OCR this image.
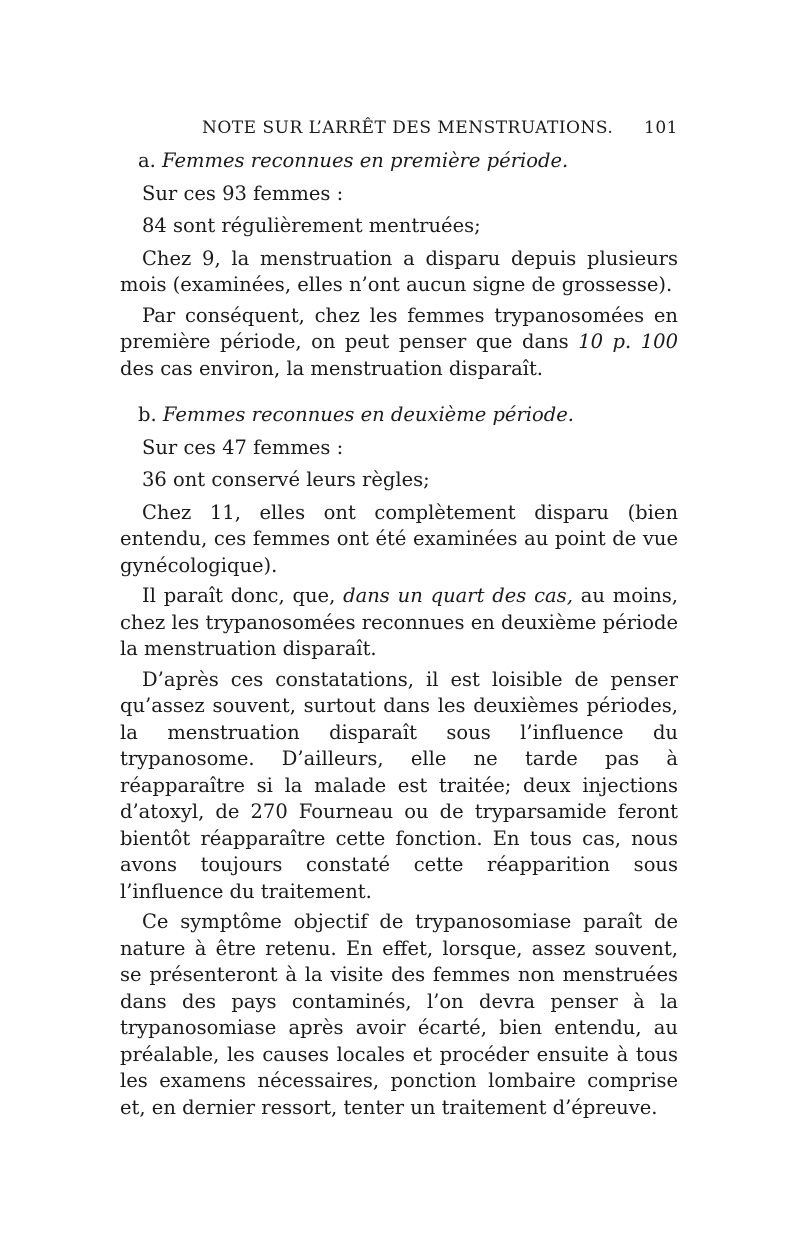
NOTE SUR L’ARRÊT DES MENSTRUATIONS. 101

a. Femmes reconnues en première période.

Sur ces 93 femmes :

84 sont régulièrement mentruées;

Chez 9, la menstruation a disparu depuis plusieurs mois (examinées, elles n’ont aucun signe de grossesse).

Par conséquent, chez les femmes trypanosomées en première période, on peut penser que dans 10 p. 100 des cas environ, la menstruation disparaît.

b. Femmes reconnues en deuxième période.

Sur ces 47 femmes :

36 ont conservé leurs règles;

Chez 11, elles ont complètement disparu (bien entendu, ces femmes ont été examinées au point de vue gynécologique).

Il paraît donc, que, dans un quart des cas, au moins, chez les trypanosomées reconnues en deuxième période la menstruation disparaît.

D’après ces constatations, il est loisible de penser qu’assez souvent, surtout dans les deuxièmes périodes, la menstruation disparaît sous l’influence du trypanosome. D’ailleurs, elle ne tarde pas à réapparaître si la malade est traitée; deux injections d’atoxyl, de 270 Fourneau ou de tryparsamide feront bientôt réapparaître cette fonction. En tous cas, nous avons toujours constaté cette réapparition sous l’influence du traitement.

Ce symptôme objectif de trypanosomiase paraît de nature à être retenu. En effet, lorsque, assez souvent, se présenteront à la visite des femmes non menstruées dans des pays contaminés, l’on devra penser à la trypanosomiase après avoir écarté, bien entendu, au préalable, les causes locales et procéder ensuite à tous les examens nécessaires, ponction lombaire comprise et, en dernier ressort, tenter un traitement d’épreuve.
